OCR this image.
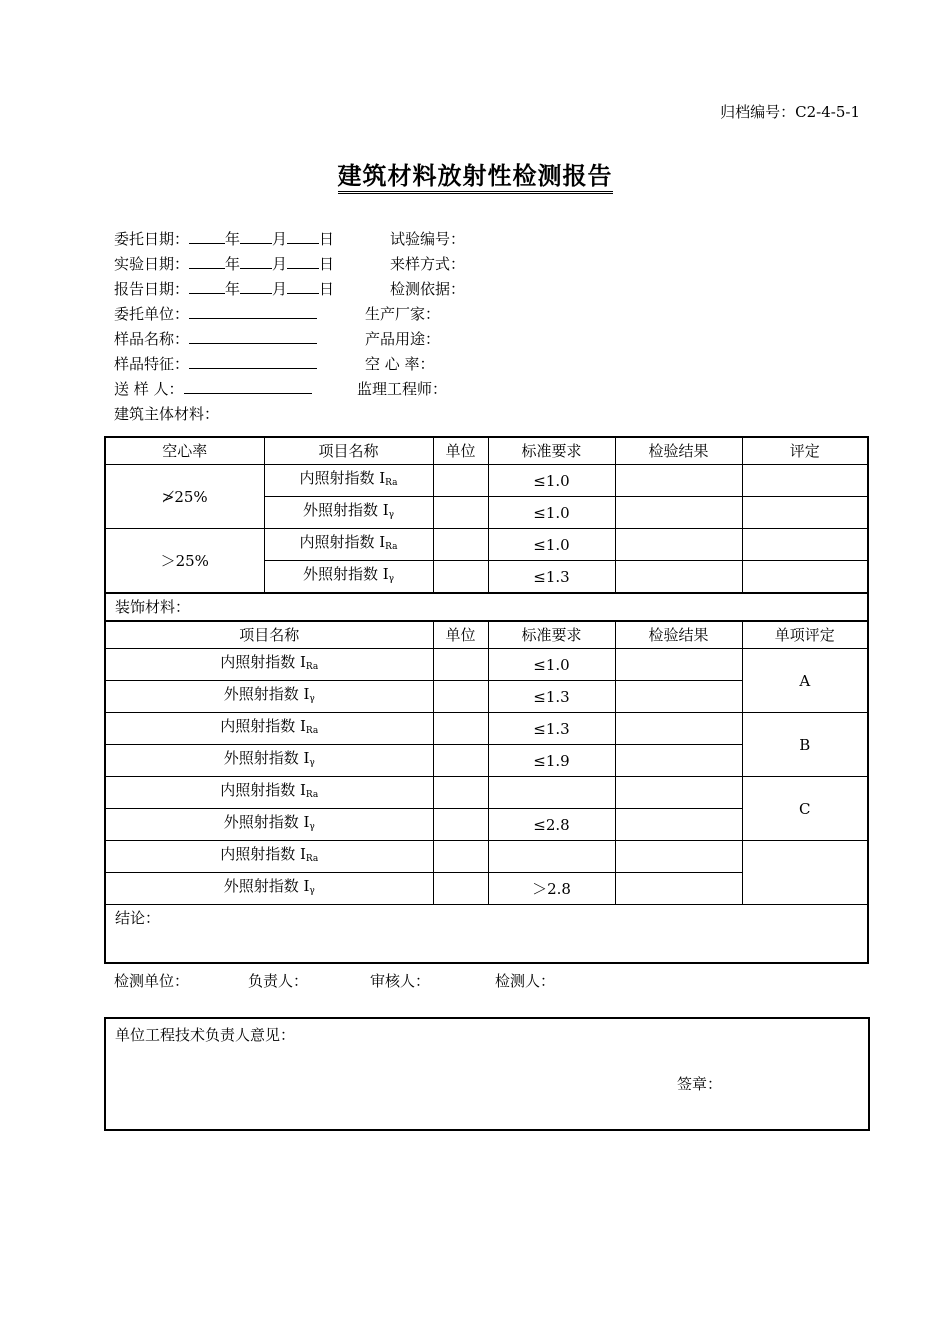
归档编号：C2-4-5-1
建筑材料放射性检测报告
委托日期： 年 月 日	试验编号：
实验日期： 年 月 日	来样方式：
报告日期： 年 月 日	检测依据：
委托单位：	生产厂家：
样品名称：	产品用途：
样品特征：	空 心 率：
送 样 人：	监理工程师：
建筑主体材料：
空心率	项目名称	单位	标准要求	检验结果	评定
≯25%	内照射指数 $I_{Ra}$		≤1.0		
	外照射指数 $I_\gamma$		≤1.0		
＞25%	内照射指数 $I_{Ra}$		≤1.0		
	外照射指数 $I_\gamma$		≤1.3		
装饰材料：					
项目名称		单位	标准要求	检验结果	单项评定
内照射指数 $I_{Ra}$			≤1.0		A
外照射指数 $I_\gamma$			≤1.3		
内照射指数 $I_{Ra}$			≤1.3		B
外照射指数 $I_\gamma$			≤1.9		
内照射指数 $I_{Ra}$					C
外照射指数 $I_\gamma$			≤2.8		
内照射指数 $I_{Ra}$				
外照射指数 $I_\gamma$			＞2.8		
结论：					
检测单位：	负责人：	审核人：	检测人：
单位工程技术负责人意见：
签章：
